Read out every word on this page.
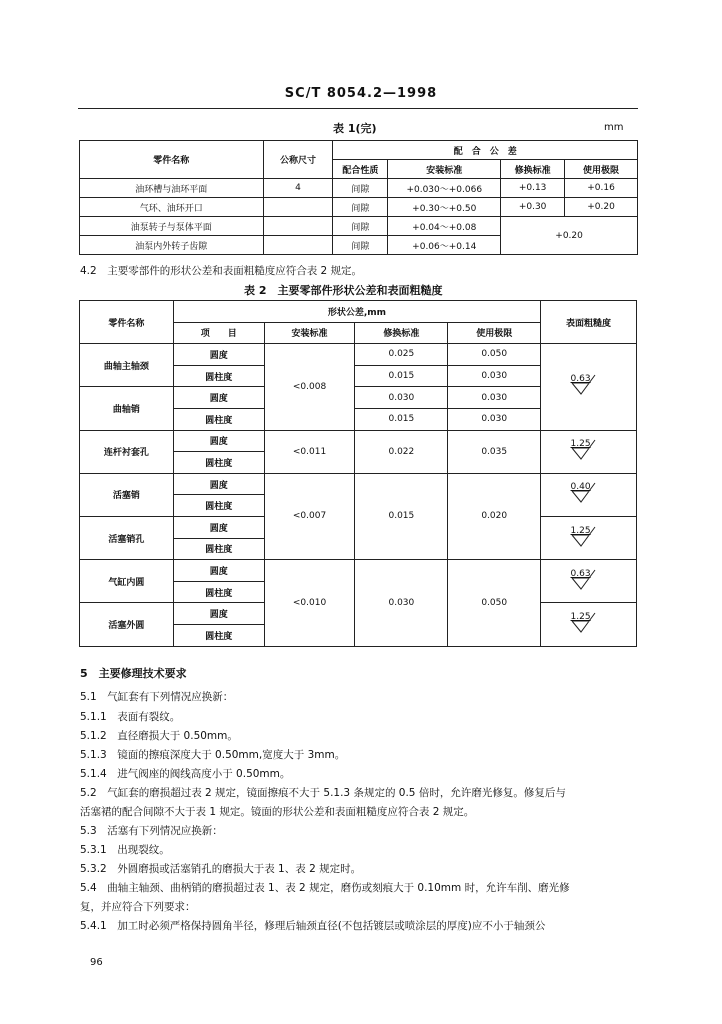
SC/T 8054.2—1998
表 1(完)	mm
零件名称	公称尺寸	配　合　公　差			
		配合性质	安装标准	修换标准	使用极限
油环槽与油环平面	4	间隙	+0.030～+0.066	+0.13	+0.16
气环、油环开口		间隙	+0.30～+0.50	+0.30	+0.20
油泵转子与泵体平面		间隙	+0.04～+0.08	+0.20	
油泵内外转子齿隙		间隙	+0.06～+0.14		
4.2　主要零部件的形状公差和表面粗糙度应符合表 2 规定。
表 2　主要零部件形状公差和表面粗糙度
零件名称	形状公差,mm				表面粗糙度
	项　　目	安装标准	修换标准	使用极限	
曲轴主轴颈	圆度	<0.008	0.025	0.050	0.63

	圆柱度		0.015	0.030	
曲轴销	圆度		0.030	0.030	
	圆柱度		0.015	0.030	
连杆衬套孔	圆度	<0.011	0.022	0.035	1.25

	圆柱度				
活塞销	圆度	<0.007	0.015	0.020	0.40

	圆柱度				
活塞销孔	圆度				1.25

	圆柱度				
气缸内圆	圆度	<0.010	0.030	0.050	0.63

	圆柱度				
活塞外圆	圆度				1.25

	圆柱度				
5　主要修理技术要求
5.1　气缸套有下列情况应换新：
5.1.1　表面有裂纹。
5.1.2　直径磨损大于 0.50mm。
5.1.3　镜面的擦痕深度大于 0.50mm,宽度大于 3mm。
5.1.4　进气阀座的阀线高度小于 0.50mm。
5.2　气缸套的磨损超过表 2 规定，镜面擦痕不大于 5.1.3 条规定的 0.5 倍时，允许磨光修复。修复后与
活塞裙的配合间隙不大于表 1 规定。镜面的形状公差和表面粗糙度应符合表 2 规定。
5.3　活塞有下列情况应换新：
5.3.1　出现裂纹。
5.3.2　外圆磨损或活塞销孔的磨损大于表 1、表 2 规定时。
5.4　曲轴主轴颈、曲柄销的磨损超过表 1、表 2 规定，磨伤或刻痕大于 0.10mm 时，允许车削、磨光修
复，并应符合下列要求：
5.4.1　加工时必须严格保持圆角半径，修理后轴颈直径(不包括镀层或喷涂层的厚度)应不小于轴颈公
96
